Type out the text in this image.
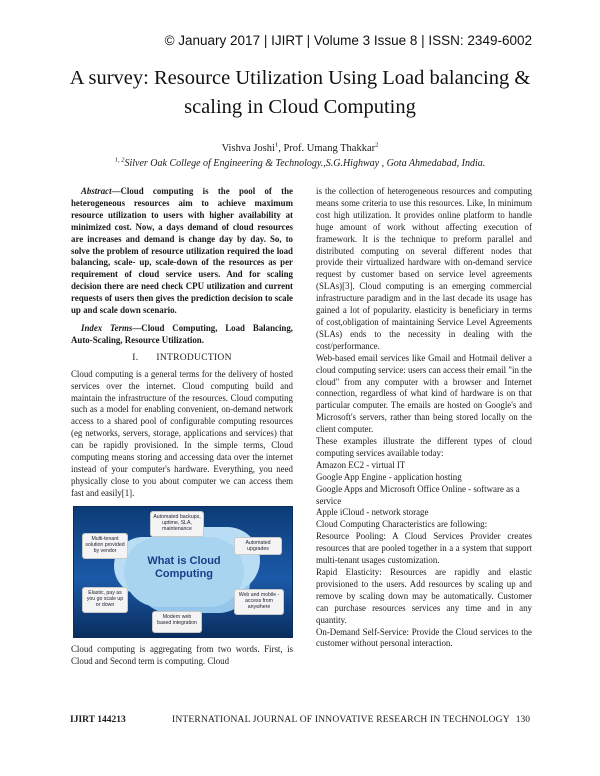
© January 2017 | IJIRT | Volume 3 Issue 8 | ISSN: 2349-6002
A survey: Resource Utilization Using Load balancing &
scaling in Cloud Computing
Vishva Joshi$^1$, Prof. Umang Thakkar$^2$
$^{1, 2}$Silver Oak College of Engineering & Technology.,S.G.Highway , Gota Ahmedabad, India.

Abstract—Cloud computing is the pool of the heterogeneous resources aim to achieve maximum resource utilization to users with higher availability at minimized cost. Now, a days demand of cloud resources are increases and demand is change day by day. So, to solve the problem of resource utilization required the load balancing, scale- up, scale-down of the resources as per requirement of cloud service users. And for scaling decision there are need check CPU utilization and current requests of users then gives the prediction decision to scale up and scale down scenario.

Index Terms—Cloud Computing, Load Balancing, Auto-Scaling, Resource Utilization.

I. INTRODUCTION

Cloud computing is a general terms for the delivery of hosted services over the internet. Cloud computing build and maintain the infrastructure of the resources. Cloud computing such as a model for enabling convenient, on-demand network access to a shared pool of configurable computing resources (eg networks, servers, storage, applications and services) that can be rapidly provisioned. In the simple terms, Cloud computing means storing and accessing data over the internet instead of your computer's hardware. Everything, you need physically close to you about computer we can access them fast and easily[1].

What is Cloud Computing
Automated backups, uptime, SLA, maintenance
Multi-tenant solution provided by vendor
Automated upgrades
Elastic, pay as you go scale up or down
Web and mobile - access from anywhere
Modern web based integration

Cloud computing is aggregating from two words. First, is Cloud and Second term is computing. Cloud

is the collection of heterogeneous resources and computing means some criteria to use this resources. Like, In minimum cost high utilization. It provides online platform to handle huge amount of work without affecting execution of framework. It is the technique to preform parallel and distributed computing on several different nodes that provide their virtualized hardware with on-demand service request by customer based on service level agreements (SLAs)[3]. Cloud computing is an emerging commercial infrastructure paradigm and in the last decade its usage has gained a lot of popularity. elasticity is beneficiary in terms of cost,obligation of maintaining Service Level Agreements (SLAs) ends to the necessity in dealing with the cost/performance.

Web-based email services like Gmail and Hotmail deliver a cloud computing service: users can access their email "in the cloud" from any computer with a browser and Internet connection, regardless of what kind of hardware is on that particular computer. The emails are hosted on Google's and Microsoft's servers, rather than being stored locally on the client computer.

These examples illustrate the different types of cloud computing services available today:

Amazon EC2 - virtual IT

Google App Engine - application hosting

Google Apps and Microsoft Office Online - software as a service

Apple iCloud - network storage

Cloud Computing Characteristics are following:

Resource Pooling: A Cloud Services Provider creates resources that are pooled together in a a system that support multi-tenant usages customization.

Rapid Elasticity: Resources are rapidly and elastic provisioned to the users. Add resources by scaling up and remove by scaling down may be automatically. Customer can purchase resources services any time and in any quantity.

On-Demand Self-Service: Provide the Cloud services to the customer without personal interaction.

IJIRT 144213	INTERNATIONAL JOURNAL OF INNOVATIVE RESEARCH IN TECHNOLOGY 130
